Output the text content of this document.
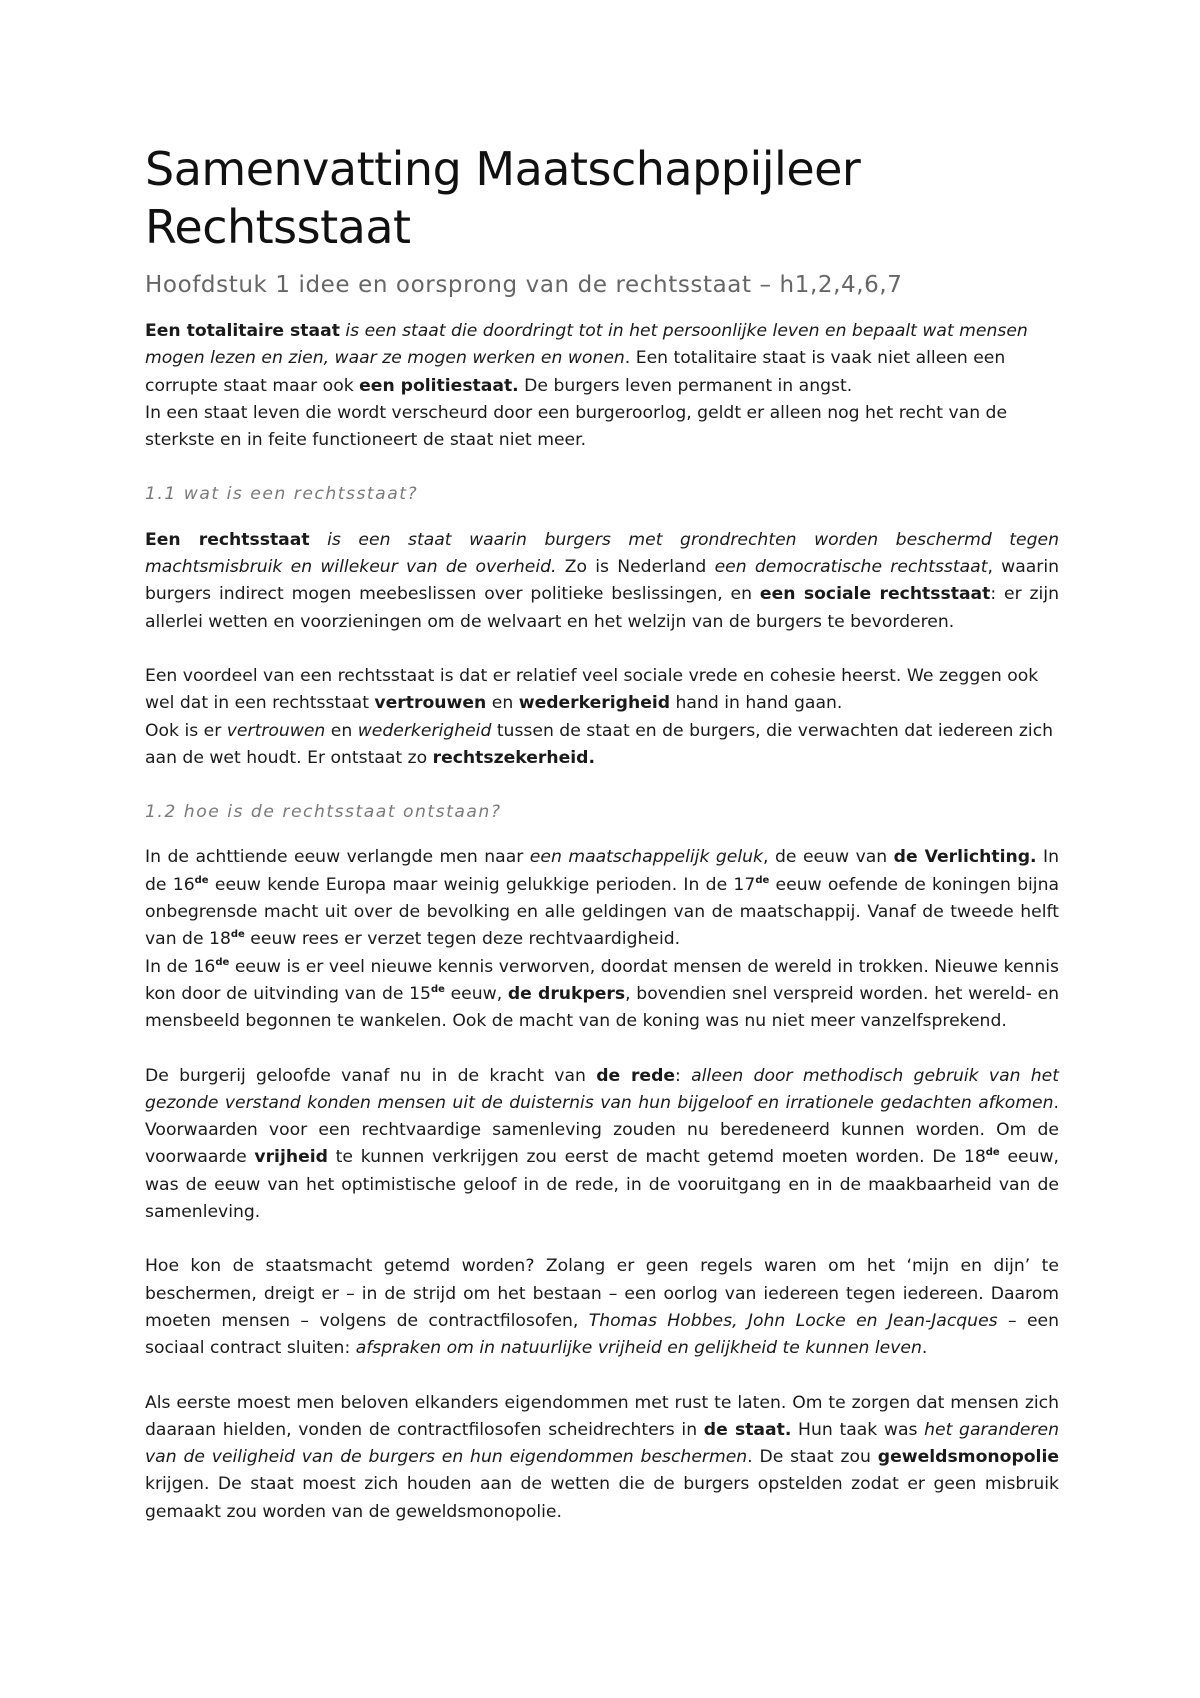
Samenvatting Maatschappijleer Rechtsstaat
Hoofdstuk 1 idee en oorsprong van de rechtsstaat – h1,2,4,6,7

Een totalitaire staat is een staat die doordringt tot in het persoonlijke leven en bepaalt wat mensen mogen lezen en zien, waar ze mogen werken en wonen. Een totalitaire staat is vaak niet alleen een corrupte staat maar ook een politiestaat. De burgers leven permanent in angst.

In een staat leven die wordt verscheurd door een burgeroorlog, geldt er alleen nog het recht van de sterkste en in feite functioneert de staat niet meer.

1.1 wat is een rechtsstaat?

Een rechtsstaat is een staat waarin burgers met grondrechten worden beschermd tegen machtsmisbruik en willekeur van de overheid. Zo is Nederland een democratische rechtsstaat, waarin burgers indirect mogen meebeslissen over politieke beslissingen, en een sociale rechtsstaat: er zijn allerlei wetten en voorzieningen om de welvaart en het welzijn van de burgers te bevorderen.

Een voordeel van een rechtsstaat is dat er relatief veel sociale vrede en cohesie heerst. We zeggen ook wel dat in een rechtsstaat vertrouwen en wederkerigheid hand in hand gaan.

Ook is er vertrouwen en wederkerigheid tussen de staat en de burgers, die verwachten dat iedereen zich aan de wet houdt. Er ontstaat zo rechtszekerheid.

1.2 hoe is de rechtsstaat ontstaan?

In de achttiende eeuw verlangde men naar een maatschappelijk geluk, de eeuw van de Verlichting. In de 16de eeuw kende Europa maar weinig gelukkige perioden. In de 17de eeuw oefende de koningen bijna onbegrensde macht uit over de bevolking en alle geldingen van de maatschappij. Vanaf de tweede helft van de 18de eeuw rees er verzet tegen deze rechtvaardigheid.

In de 16de eeuw is er veel nieuwe kennis verworven, doordat mensen de wereld in trokken. Nieuwe kennis kon door de uitvinding van de 15de eeuw, de drukpers, bovendien snel verspreid worden. het wereld- en mensbeeld begonnen te wankelen. Ook de macht van de koning was nu niet meer vanzelfsprekend.

De burgerij geloofde vanaf nu in de kracht van de rede: alleen door methodisch gebruik van het gezonde verstand konden mensen uit de duisternis van hun bijgeloof en irrationele gedachten afkomen. Voorwaarden voor een rechtvaardige samenleving zouden nu beredeneerd kunnen worden. Om de voorwaarde vrijheid te kunnen verkrijgen zou eerst de macht getemd moeten worden. De 18de eeuw, was de eeuw van het optimistische geloof in de rede, in de vooruitgang en in de maakbaarheid van de samenleving.

Hoe kon de staatsmacht getemd worden? Zolang er geen regels waren om het ‘mijn en dijn’ te beschermen, dreigt er – in de strijd om het bestaan – een oorlog van iedereen tegen iedereen. Daarom moeten mensen – volgens de contractfilosofen, Thomas Hobbes, John Locke en Jean-Jacques – een sociaal contract sluiten: afspraken om in natuurlijke vrijheid en gelijkheid te kunnen leven.

Als eerste moest men beloven elkanders eigendommen met rust te laten. Om te zorgen dat mensen zich daaraan hielden, vonden de contractfilosofen scheidrechters in de staat. Hun taak was het garanderen van de veiligheid van de burgers en hun eigendommen beschermen. De staat zou geweldsmonopolie krijgen. De staat moest zich houden aan de wetten die de burgers opstelden zodat er geen misbruik gemaakt zou worden van de geweldsmonopolie.
